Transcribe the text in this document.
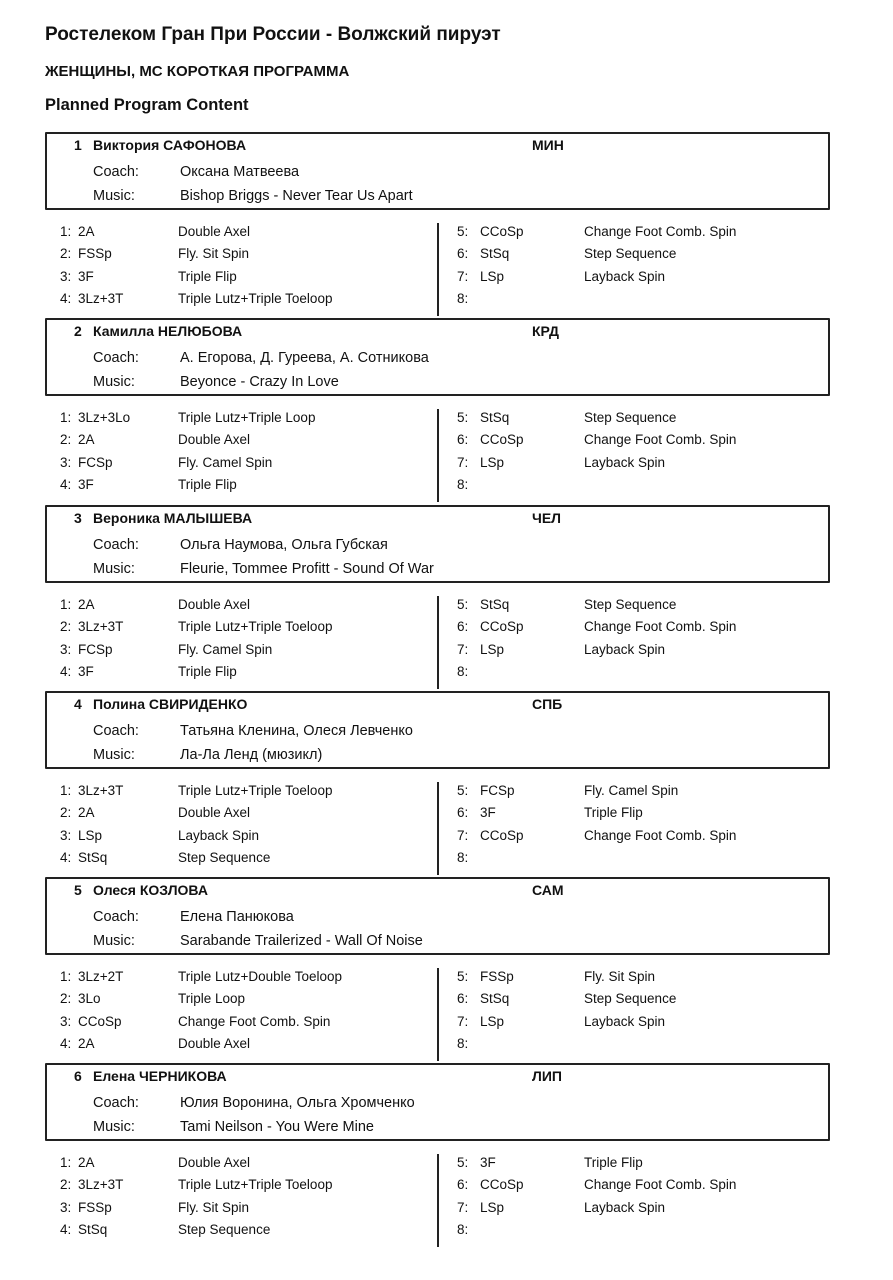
Ростелеком Гран При России - Волжский пируэт
ЖЕНЩИНЫ, МС КОРОТКАЯ ПРОГРАММА
Planned Program Content
1 Виктория САФОНОВА	МИН
Coach:	Оксана Матвеева
Music:	Bishop Briggs - Never Tear Us Apart
1: 2A	Double Axel
2: FSSp	Fly. Sit Spin
3: 3F	Triple Flip
4: 3Lz+3T	Triple Lutz+Triple Toeloop
5: CCoSp	Change Foot Comb. Spin
6: StSq	Step Sequence
7: LSp	Layback Spin
8:
2 Камилла НЕЛЮБОВА	КРД
Coach:	А. Егорова, Д. Гуреева, А. Сотникова
Music:	Beyonce - Crazy In Love
1: 3Lz+3Lo	Triple Lutz+Triple Loop
2: 2A	Double Axel
3: FCSp	Fly. Camel Spin
4: 3F	Triple Flip
5: StSq	Step Sequence
6: CCoSp	Change Foot Comb. Spin
7: LSp	Layback Spin
8:
3 Вероника МАЛЫШЕВА	ЧЕЛ
Coach:	Ольга Наумова, Ольга Губская
Music:	Fleurie, Tommee Profitt - Sound Of War
1: 2A	Double Axel
2: 3Lz+3T	Triple Lutz+Triple Toeloop
3: FCSp	Fly. Camel Spin
4: 3F	Triple Flip
5: StSq	Step Sequence
6: CCoSp	Change Foot Comb. Spin
7: LSp	Layback Spin
8:
4 Полина СВИРИДЕНКО	СПБ
Coach:	Татьяна Кленина, Олеся Левченко
Music:	Ла-Ла Ленд (мюзикл)
1: 3Lz+3T	Triple Lutz+Triple Toeloop
2: 2A	Double Axel
3: LSp	Layback Spin
4: StSq	Step Sequence
5: FCSp	Fly. Camel Spin
6: 3F	Triple Flip
7: CCoSp	Change Foot Comb. Spin
8:
5 Олеся КОЗЛОВА	САМ
Coach:	Елена Панюкова
Music:	Sarabande Trailerized - Wall Of Noise
1: 3Lz+2T	Triple Lutz+Double Toeloop
2: 3Lo	Triple Loop
3: CCoSp	Change Foot Comb. Spin
4: 2A	Double Axel
5: FSSp	Fly. Sit Spin
6: StSq	Step Sequence
7: LSp	Layback Spin
8:
6 Елена ЧЕРНИКОВА	ЛИП
Coach:	Юлия Воронина, Ольга Хромченко
Music:	Tami Neilson - You Were Mine
1: 2A	Double Axel
2: 3Lz+3T	Triple Lutz+Triple Toeloop
3: FSSp	Fly. Sit Spin
4: StSq	Step Sequence
5: 3F	Triple Flip
6: CCoSp	Change Foot Comb. Spin
7: LSp	Layback Spin
8:
